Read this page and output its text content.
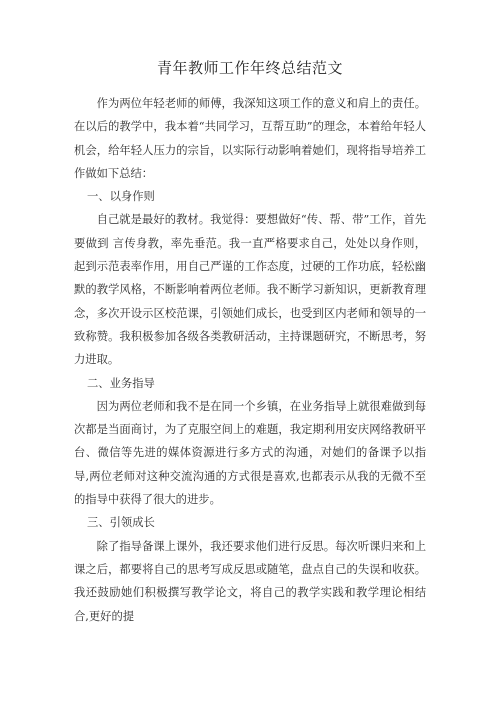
青年教师工作年终总结范文

作为两位年轻老师的师傅，我深知这项工作的意义和肩上的责任。在以后的教学中，我本着“共同学习，互帮互助”的理念，本着给年轻人机会，给年轻人压力的宗旨，以实际行动影响着她们，现将指导培养工作做如下总结：

一、以身作则

自己就是最好的教材。我觉得：要想做好“传、帮、带”工作，首先要做到 言传身教，率先垂范。我一直严格要求自己，处处以身作则，起到示范表率作用，用自己严谨的工作态度，过硬的工作功底，轻松幽默的教学风格，不断影响着两位老师。我不断学习新知识，更新教育理念，多次开设示区校范课，引领她们成长，也受到区内老师和领导的一致称赞。我积极参加各级各类教研活动，主持课题研究，不断思考，努力进取。

二、业务指导

因为两位老师和我不是在同一个乡镇，在业务指导上就很难做到每次都是当面商讨，为了克服空间上的难题，我定期利用安庆网络教研平台、微信等先进的媒体资源进行多方式的沟通，对她们的备课予以指导,两位老师对这种交流沟通的方式很是喜欢,也都表示从我的无微不至的指导中获得了很大的进步。

三、引领成长

除了指导备课上课外，我还要求他们进行反思。每次听课归来和上课之后，都要将自己的思考写成反思或随笔，盘点自己的失误和收获。我还鼓励她们积极撰写教学论文，将自己的教学实践和教学理论相结合,更好的提
